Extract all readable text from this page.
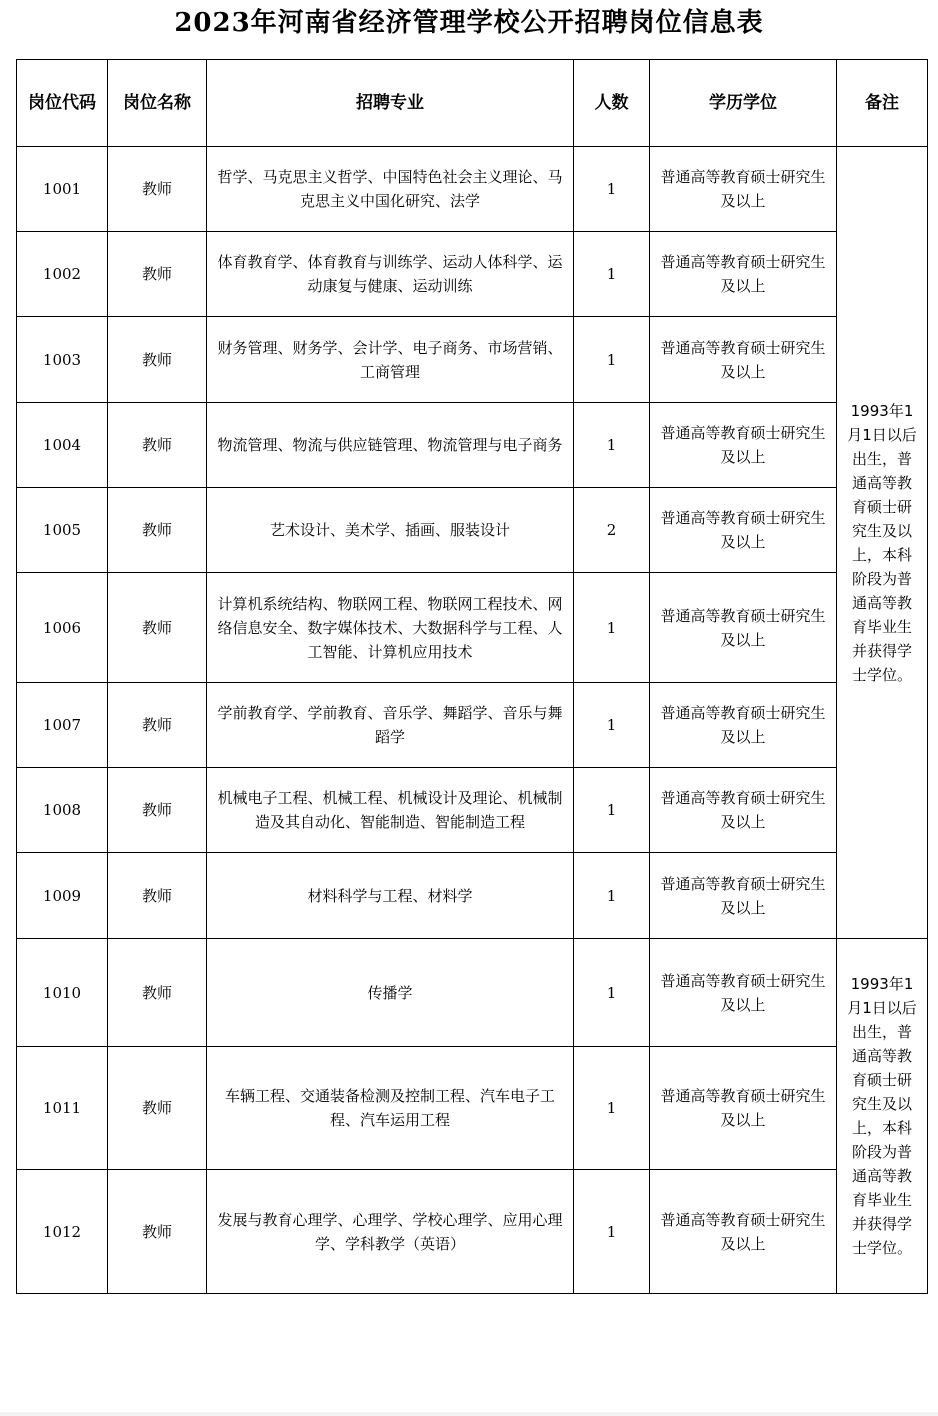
2023年河南省经济管理学校公开招聘岗位信息表
岗位代码	岗位名称	招聘专业	人数	学历学位	备注
1001	教师	哲学、马克思主义哲学、中国特色社会主义理论、马克思主义中国化研究、法学	1	普通高等教育硕士研究生及以上	1993年1月1日以后出生，普通高等教育硕士研究生及以上，本科阶段为普通高等教育毕业生并获得学士学位。
1002	教师	体育教育学、体育教育与训练学、运动人体科学、运动康复与健康、运动训练	1	普通高等教育硕士研究生及以上	
1003	教师	财务管理、财务学、会计学、电子商务、市场营销、工商管理	1	普通高等教育硕士研究生及以上	
1004	教师	物流管理、物流与供应链管理、物流管理与电子商务	1	普通高等教育硕士研究生及以上	
1005	教师	艺术设计、美术学、插画、服装设计	2	普通高等教育硕士研究生及以上	
1006	教师	计算机系统结构、物联网工程、物联网工程技术、网络信息安全、数字媒体技术、大数据科学与工程、人工智能、计算机应用技术	1	普通高等教育硕士研究生及以上	
1007	教师	学前教育学、学前教育、音乐学、舞蹈学、音乐与舞蹈学	1	普通高等教育硕士研究生及以上	
1008	教师	机械电子工程、机械工程、机械设计及理论、机械制造及其自动化、智能制造、智能制造工程	1	普通高等教育硕士研究生及以上	
1009	教师	材料科学与工程、材料学	1	普通高等教育硕士研究生及以上	
1010	教师	传播学	1	普通高等教育硕士研究生及以上	1993年1月1日以后出生，普通高等教育硕士研究生及以上，本科阶段为普通高等教育毕业生并获得学士学位。
1011	教师	车辆工程、交通装备检测及控制工程、汽车电子工程、汽车运用工程	1	普通高等教育硕士研究生及以上	
1012	教师	发展与教育心理学、心理学、学校心理学、应用心理学、学科教学（英语）	1	普通高等教育硕士研究生及以上	
